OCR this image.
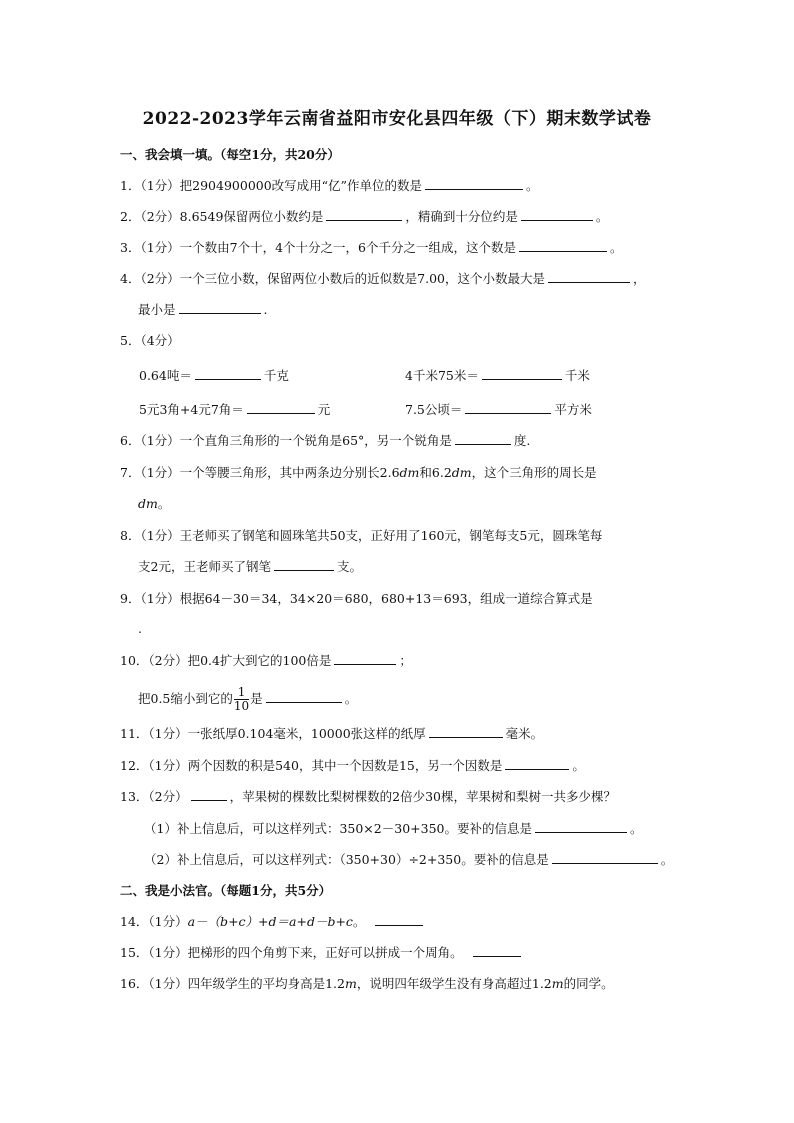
2022-2023学年云南省益阳市安化县四年级（下）期末数学试卷
一、我会填一填。（每空1分，共20分）
1．（1分）把2904900000改写成用“亿”作单位的数是	。
2．（2分）8.6549保留两位小数约是	，精确到十分位约是	。
3．（1分）一个数由7个十，4个十分之一，6个千分之一组成，这个数是	。
4．（2分）一个三位小数，保留两位小数后的近似数是7.00，这个小数最大是	，
最小是	.
5．（4分）
0.64吨＝	千克	4千米75米＝	千米
5元3角+4元7角＝	元	7.5公顷＝	平方米
6．（1分）一个直角三角形的一个锐角是65°，另一个锐角是	度.
7．（1分）一个等腰三角形，其中两条边分别长2.6dm和6.2dm，这个三角形的周长是
dm。
8．（1分）王老师买了钢笔和圆珠笔共50支，正好用了160元，钢笔每支5元，圆珠笔每
支2元，王老师买了钢笔	支。
9．（1分）根据64－30＝34，34×20＝680，680+13＝693，组成一道综合算式是
.
10．（2分）把0.4扩大到它的100倍是	；
把0.5缩小到它的 $\frac{1}{10}$ 是	。
11．（1分）一张纸厚0.104毫米，10000张这样的纸厚	毫米。
12．（1分）两个因数的积是540，其中一个因数是15，另一个因数是	。
13．（2分）	，苹果树的棵数比梨树棵数的2倍少30棵，苹果树和梨树一共多少棵？
（1）补上信息后，可以这样列式：350×2－30+350。要补的信息是	。
（2）补上信息后，可以这样列式：（350+30）÷2+350。要补的信息是	。
二、我是小法官。（每题1分，共5分）
14．（1分）a－（b+c）+d＝a+d－b+c。
15．（1分）把梯形的四个角剪下来，正好可以拼成一个周角。
16．（1分）四年级学生的平均身高是1.2m，说明四年级学生没有身高超过1.2m的同学。
